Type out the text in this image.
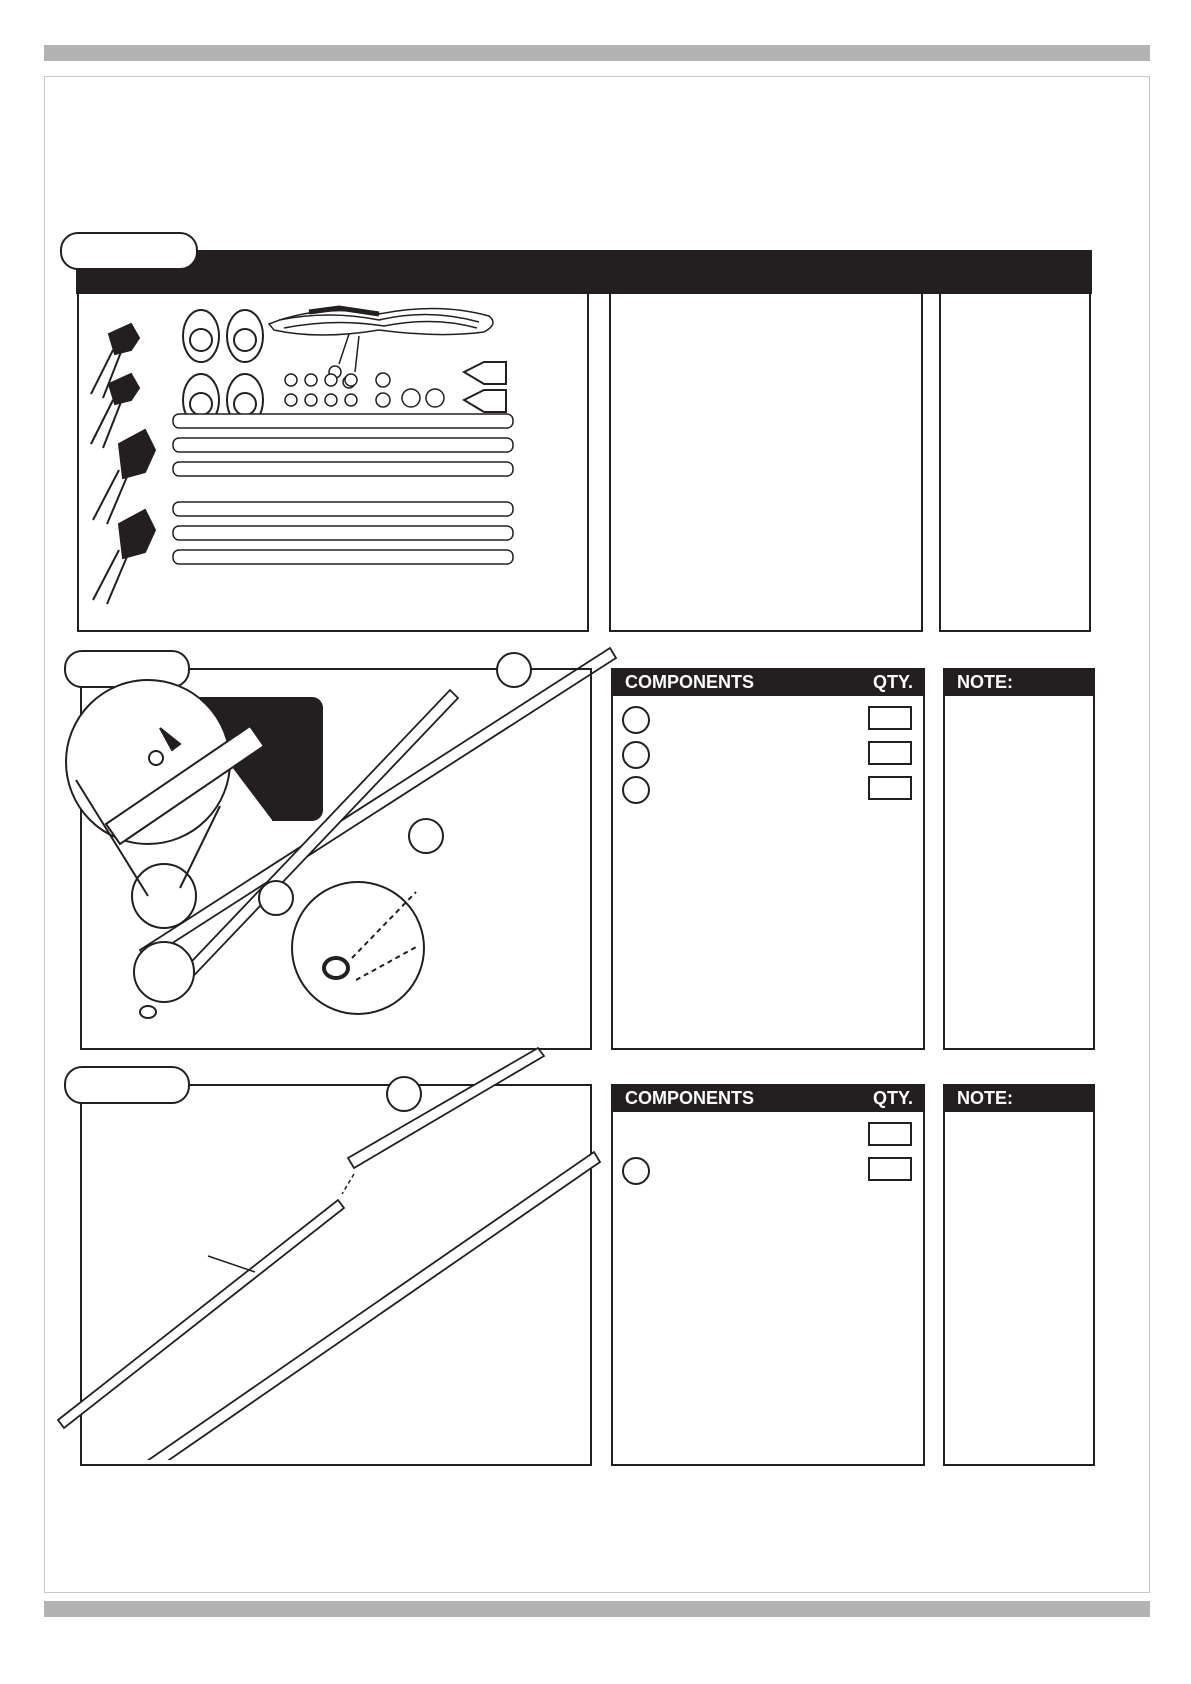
COMPONENTS	QTY. NOTE:
COMPONENTS	QTY. NOTE:
